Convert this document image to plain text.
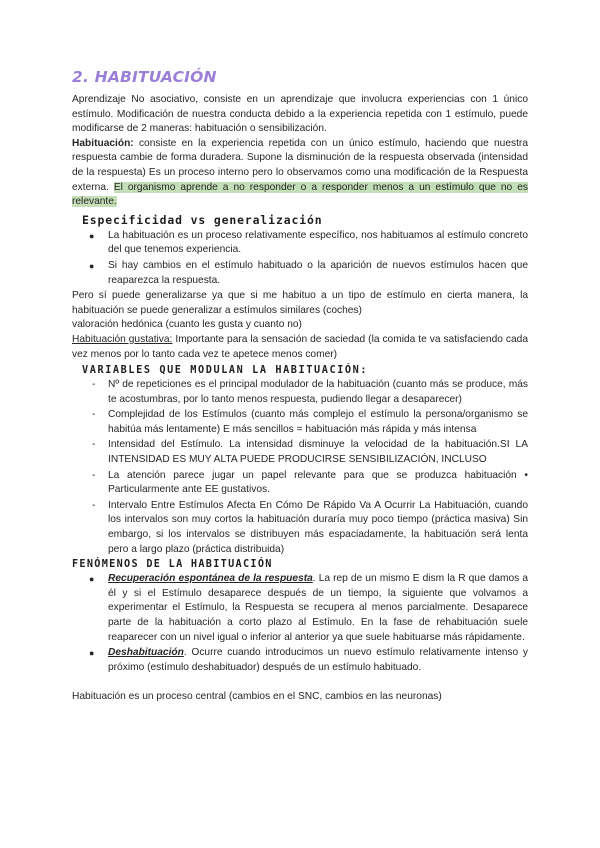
2. HABITUACIÓN

Aprendizaje No asociativo, consiste en un aprendizaje que involucra experiencias con 1 único estímulo. Modificación de nuestra conducta debido a la experiencia repetida con 1 estímulo, puede modificarse de 2 maneras: habituación o sensibilización.

Habituación: consiste en la experiencia repetida con un único estímulo, haciendo que nuestra respuesta cambie de forma duradera. Supone la disminución de la respuesta observada (intensidad de la respuesta) Es un proceso interno pero lo observamos como una modificación de la Respuesta externa. El organismo aprende a no responder o a responder menos a un estímulo que no es relevante.

Especificidad vs generalización
● La habituación es un proceso relativamente específico, nos habituamos al estímulo concreto del que tenemos experiencia.
● Si hay cambios en el estímulo habituado o la aparición de nuevos estímulos hacen que reaparezca la respuesta.

Pero sí puede generalizarse ya que si me habituo a un tipo de estímulo en cierta manera, la habituación se puede generalizar a estímulos similares (coches)

valoración hedónica (cuanto les gusta y cuanto no)

Habituación gustativa: Importante para la sensación de saciedad (la comida te va satisfaciendo cada vez menos por lo tanto cada vez te apetece menos comer)

VARIABLES QUE MODULAN LA HABITUACIÓN:
- Nº de repeticiones es el principal modulador de la habituación (cuanto más se produce, más te acostumbras, por lo tanto menos respuesta, pudiendo llegar a desaparecer)
- Complejidad de los Estímulos (cuanto más complejo el estímulo la persona/organismo se habitúa más lentamente) E más sencillos = habituación más rápida y más intensa
- Intensidad del Estímulo. La intensidad disminuye la velocidad de la habituación.SI LA INTENSIDAD ES MUY ALTA PUEDE PRODUCIRSE SENSIBILIZACIÓN, INCLUSO
- La atención parece jugar un papel relevante para que se produzca habituación • Particularmente ante EE gustativos.
- Intervalo Entre Estímulos Afecta En Cómo De Rápido Va A Ocurrir La Habituación, cuando los intervalos son muy cortos la habituación duraría muy poco tiempo (práctica masiva) Sin embargo, si los intervalos se distribuyen más espaciadamente, la habituación será lenta pero a largo plazo (práctica distribuida)
FENÓMENOS DE LA HABITUACIÓN
● Recuperación espontánea de la respuesta. La rep de un mismo E dism la R que damos a él y si el Estímulo desaparece después de un tiempo, la siguiente que volvamos a experimentar el Estímulo, la Respuesta se recupera al menos parcialmente. Desaparece parte de la habituación a corto plazo al Estímulo. En la fase de rehabituación suele reaparecer con un nivel igual o inferior al anterior ya que suele habituarse más rápidamente.
● Deshabituación. Ocurre cuando introducimos un nuevo estímulo relativamente intenso y próximo (estímulo deshabituador) después de un estímulo habituado.

Habituación es un proceso central (cambios en el SNC, cambios en las neuronas)
